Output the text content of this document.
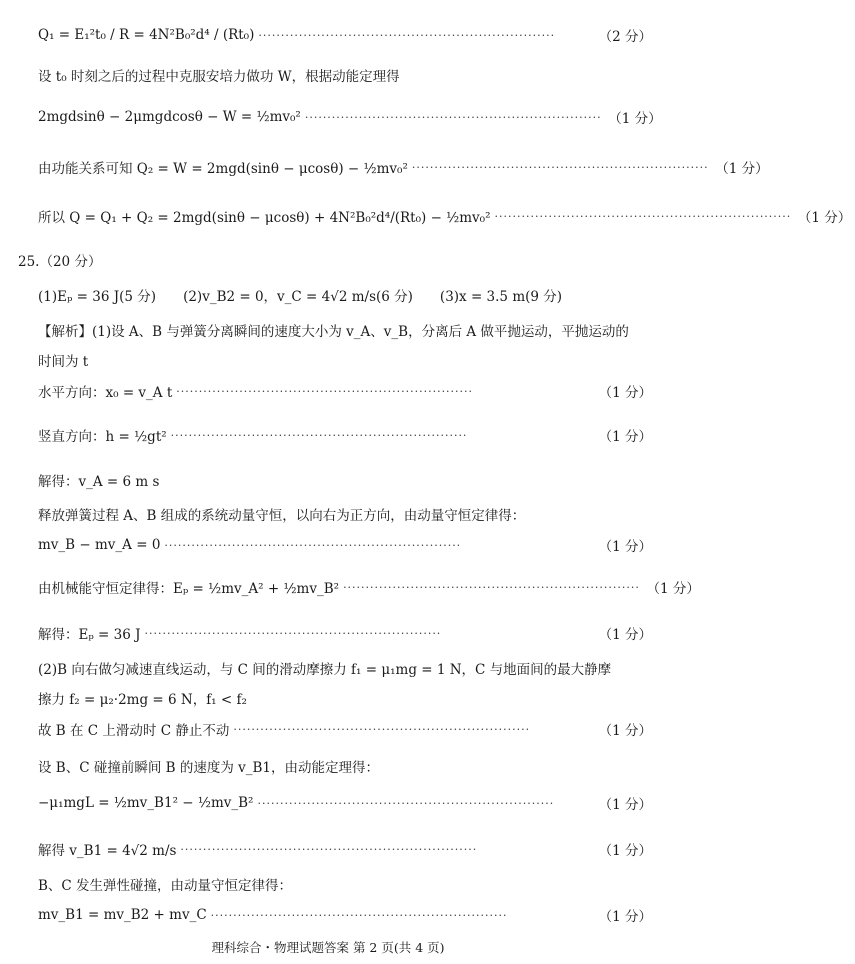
Q₁ = E₁²t₀ / R = 4N²B₀²d⁴ / (Rt₀) ··································································	（2 分）
设 t₀ 时刻之后的过程中克服安培力做功 W，根据动能定理得
2mgdsinθ − 2μmgdcosθ − W = ½mv₀² ·································································· （1 分）
由功能关系可知 Q₂ = W = 2mgd(sinθ − μcosθ) − ½mv₀² ·································································· （1 分）
所以 Q = Q₁ + Q₂ = 2mgd(sinθ − μcosθ) + 4N²B₀²d⁴/(Rt₀) − ½mv₀² ·································································· （1 分）
25.（20 分）
(1)Eₚ = 36 J(5 分)　　(2)v_B2 = 0，v_C = 4√2 m/s(6 分)　　(3)x = 3.5 m(9 分)
【解析】(1)设 A、B 与弹簧分离瞬间的速度大小为 v_A、v_B，分离后 A 做平抛运动，平抛运动的
时间为 t
水平方向：x₀ = v_A t ··································································	（1 分）
竖直方向：h = ½gt² ··································································	（1 分）
解得：v_A = 6 m s
释放弹簧过程 A、B 组成的系统动量守恒，以向右为正方向，由动量守恒定律得：
mv_B − mv_A = 0 ··································································	（1 分）
由机械能守恒定律得：Eₚ = ½mv_A² + ½mv_B² ·································································· （1 分）
解得：Eₚ = 36 J ··································································	（1 分）
(2)B 向右做匀减速直线运动，与 C 间的滑动摩擦力 f₁ = μ₁mg = 1 N，C 与地面间的最大静摩
擦力 f₂ = μ₂·2mg = 6 N，f₁ < f₂
故 B 在 C 上滑动时 C 静止不动 ··································································	（1 分）
设 B、C 碰撞前瞬间 B 的速度为 v_B1，由动能定理得：
−μ₁mgL = ½mv_B1² − ½mv_B² ··································································	（1 分）
解得 v_B1 = 4√2 m/s ··································································	（1 分）
B、C 发生弹性碰撞，由动量守恒定律得：
mv_B1 = mv_B2 + mv_C ··································································	（1 分）
理科综合・物理试题答案 第 2 页(共 4 页)
